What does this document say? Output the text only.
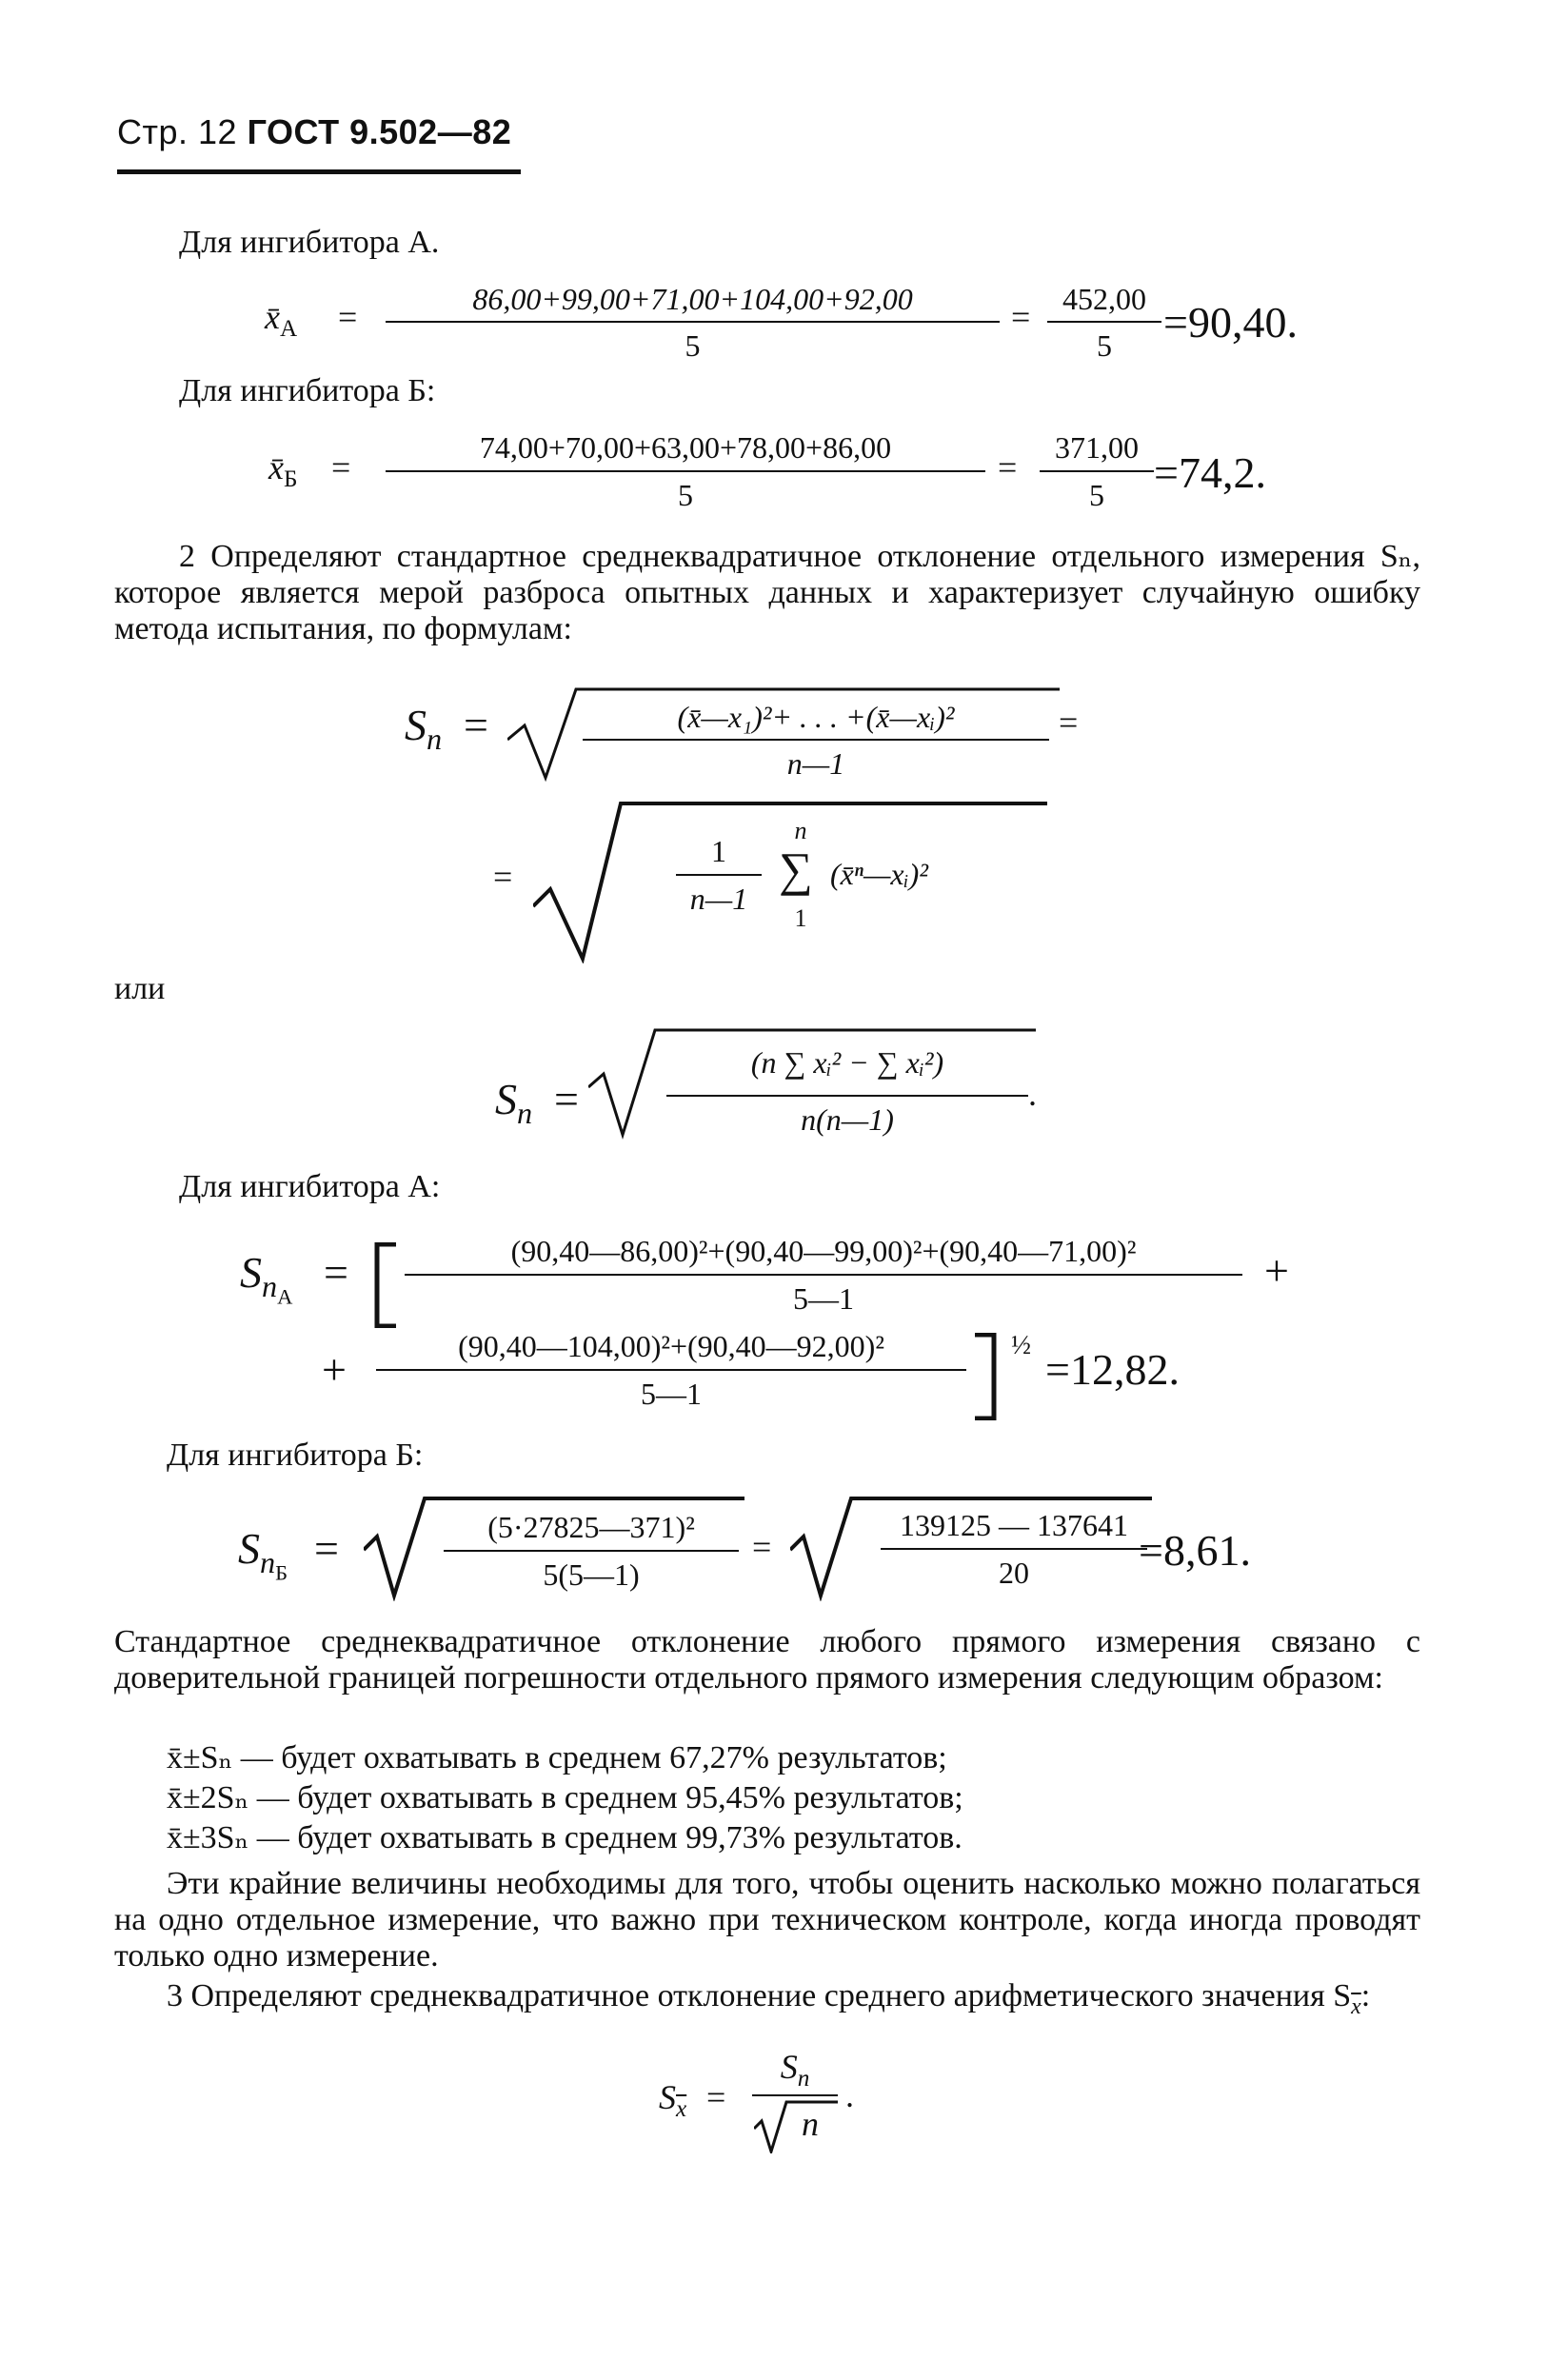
Стр. 12 ГОСТ 9.502—82
Для ингибитора А.
$x̄_А$ =	86,00+99,00+71,00+104,00+92,00
5
=	452,00
5	=90,40.
Для ингибитора Б:
$x̄_Б$ =
74,00+70,00+63,00+78,00+86,00
5
=
371,00
5	=74,2.
2 Определяют стандартное среднеквадратичное отклонение отдельного измерения Sₙ, которое является мерой разброса опытных данных и характеризует случайную ошибку метода испытания, по формулам:
$S_n$ =	(x̄—x₁)²+ . . . +(x̄—xᵢ)²
n—1
=
=
1
n—1
n
∑
1
(x̄ⁿ—xᵢ)²
или
$S_n$ =
(n ∑ xᵢ² − ∑ xᵢ²)
n(n—1)
.
Для ингибитора А:
$S_{n_А}$
=	(90,40—86,00)²+(90,40—99,00)²+(90,40—71,00)²
5—1
+
+	(90,40—104,00)²+(90,40—92,00)²
5—1
½ =12,82.
Для ингибитора Б:
$S_{n_Б}$
=	(5·27825—371)²
5(5—1)
=
139125 — 137641
20	=8,61.
Стандартное среднеквадратичное отклонение любого прямого измерения связано с доверительной границей погрешности отдельного прямого измерения следующим образом:
x̄±Sₙ — будет охватывать в среднем 67,27% результатов;
x̄±2Sₙ — будет охватывать в среднем 95,45% результатов;
x̄±3Sₙ — будет охватывать в среднем 99,73% результатов.
Эти крайние величины необходимы для того, чтобы оценить насколько можно полагаться на одно отдельное измерение, что важно при техническом контроле, когда иногда проводят только одно измерение.
3 Определяют среднеквадратичное отклонение среднего арифметического значения $S_{\overline{x}}$:
$S_{\overline{x}}$ =
$S_n$
n
.
